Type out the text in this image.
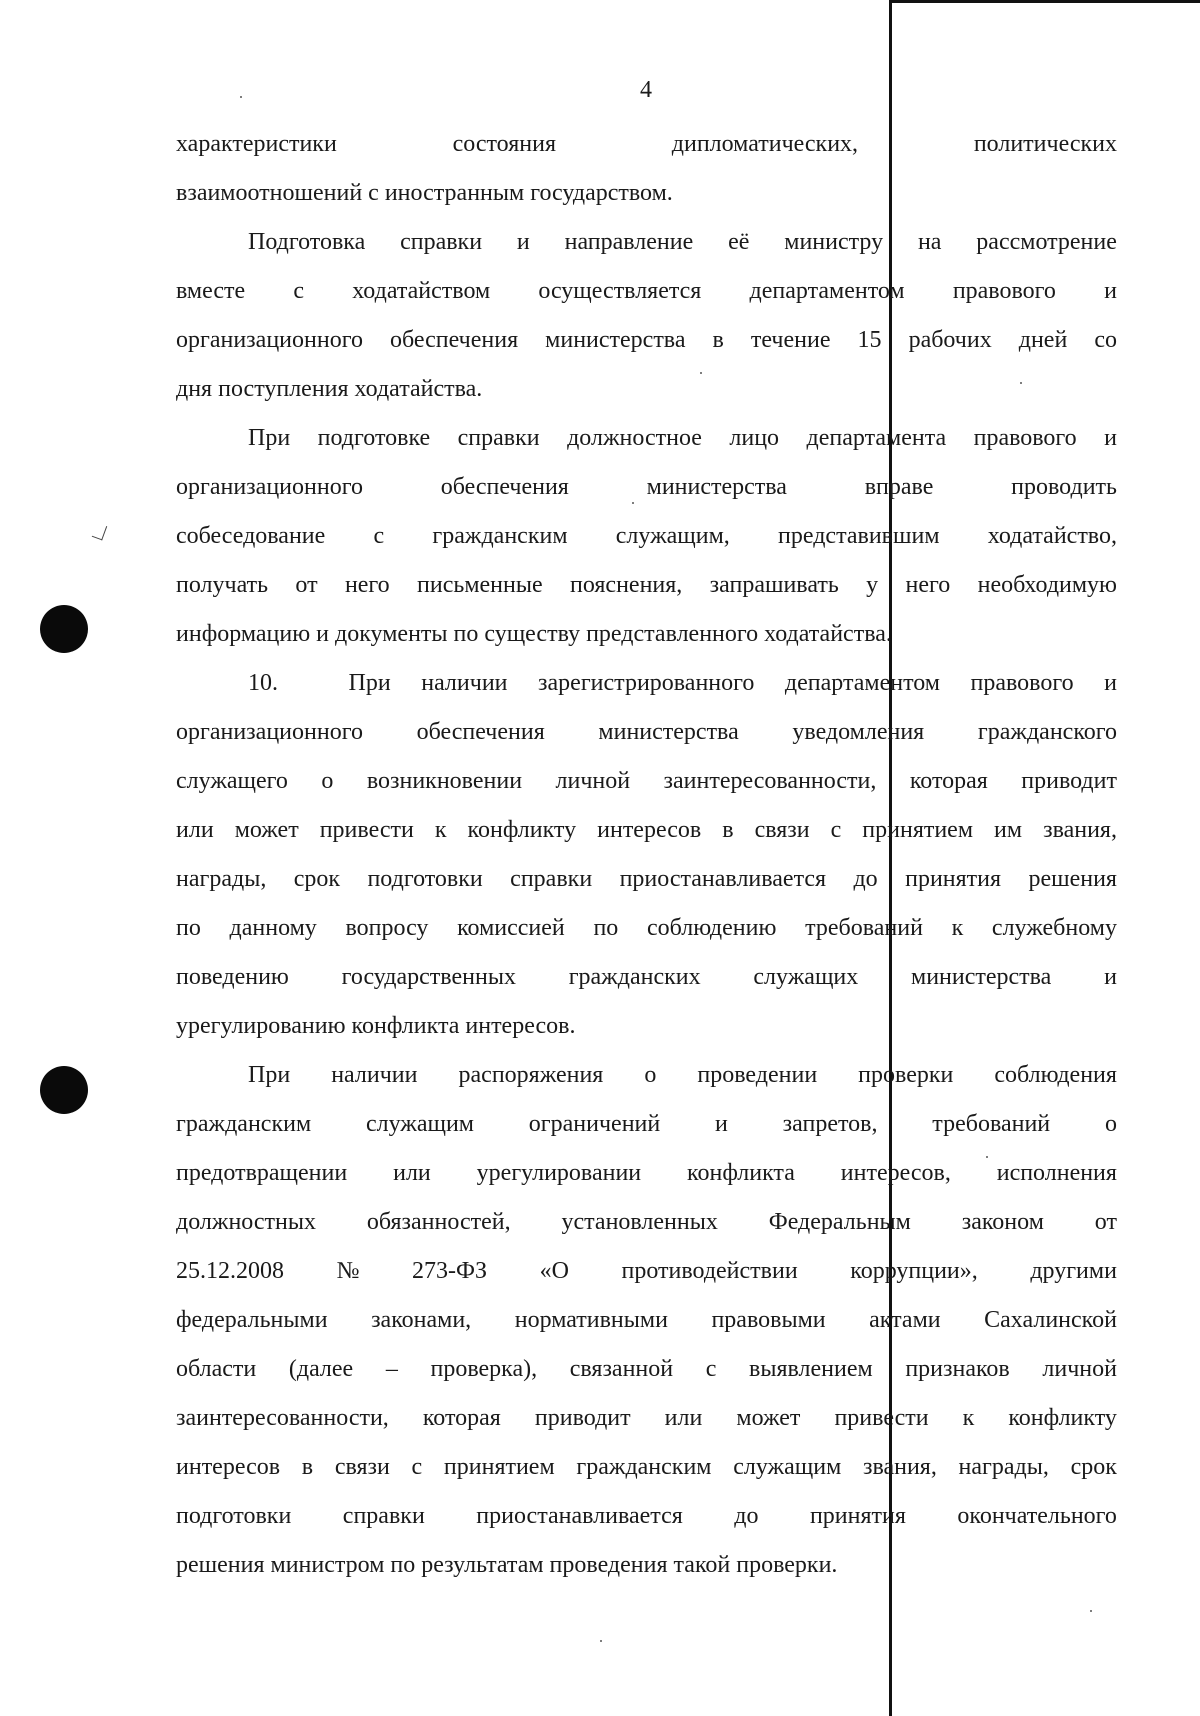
4
характеристики	состояния	дипломатических,	политических
взаимоотношений с иностранным государством.
Подготовка справки и направление её министру на рассмотрение
вместе с ходатайством осуществляется департаментом правового и
организационного обеспечения министерства в течение 15 рабочих дней со
дня поступления ходатайства.
При подготовке справки должностное лицо департамента правового и
организационного	обеспечения	министерства	вправе	проводить
собеседование с гражданским служащим, представившим ходатайство,
получать от него письменные пояснения, запрашивать у него необходимую
информацию и документы по существу представленного ходатайства.
10.	При наличии зарегистрированного департаментом правового и
организационного обеспечения министерства уведомления гражданского
служащего о возникновении личной заинтересованности, которая приводит
или может привести к конфликту интересов в связи с принятием им звания,
награды, срок подготовки справки приостанавливается до принятия решения
по данному вопросу комиссией по соблюдению требований к служебному
поведению государственных гражданских служащих министерства и
урегулированию конфликта интересов.
При наличии распоряжения о проведении проверки соблюдения
гражданским служащим ограничений и запретов, требований о
предотвращении или урегулировании конфликта интересов, исполнения
должностных обязанностей, установленных Федеральным законом от
25.12.2008 № 273-ФЗ «О противодействии коррупции», другими
федеральными законами, нормативными правовыми актами Сахалинской
области (далее – проверка), связанной с выявлением признаков личной
заинтересованности, которая приводит или может привести к конфликту
интересов в связи с принятием гражданским служащим звания, награды, срок
подготовки справки приостанавливается до принятия окончательного
решения министром по результатам проведения такой проверки.
